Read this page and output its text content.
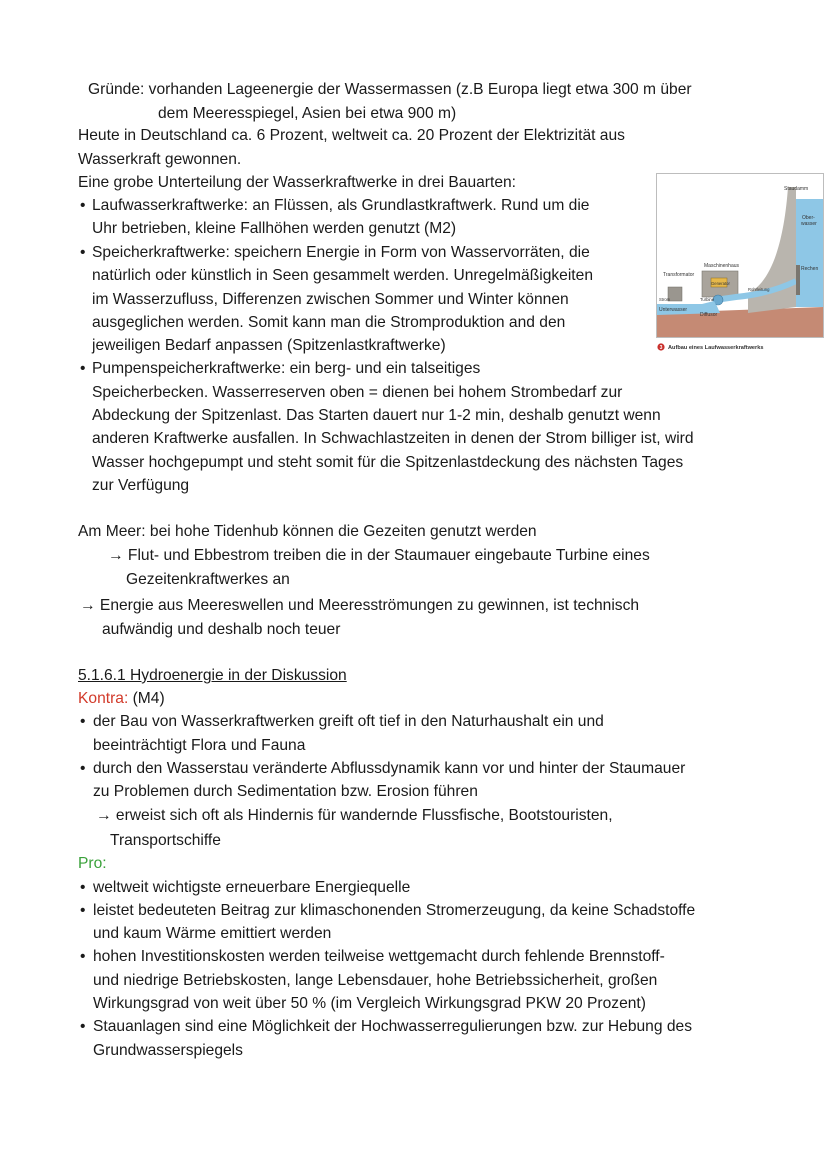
Gründe: vorhanden Lageenergie der Wassermassen (z.B Europa liegt etwa 300 m über
dem Meeresspiegel, Asien bei etwa 900 m)
Heute in Deutschland ca. 6 Prozent, weltweit ca. 20 Prozent der Elektrizität aus
Wasserkraft gewonnen.
Eine grobe Unterteilung der Wasserkraftwerke in drei Bauarten:
• Laufwasserkraftwerke: an Flüssen, als Grundlastkraftwerk. Rund um die
Uhr betrieben, kleine Fallhöhen werden genutzt (M2)
• Speicherkraftwerke: speichern Energie in Form von Wasservorräten, die
natürlich oder künstlich in Seen gesammelt werden. Unregelmäßigkeiten
im Wasserzufluss, Differenzen zwischen Sommer und Winter können
ausgeglichen werden. Somit kann man die Stromproduktion and den
jeweiligen Bedarf anpassen (Spitzenlastkraftwerke)
• Pumpenspeicherkraftwerke: ein berg- und ein talseitiges
Speicherbecken. Wasserreserven oben = dienen bei hohem Strombedarf zur
Abdeckung der Spitzenlast. Das Starten dauert nur 1-2 min, deshalb genutzt wenn
anderen Kraftwerke ausfallen. In Schwachlastzeiten in denen der Strom billiger ist, wird
Wasser hochgepumpt und steht somit für die Spitzenlastdeckung des nächsten Tages
zur Verfügung
Am Meer: bei hohe Tidenhub können die Gezeiten genutzt werden
→ Flut- und Ebbestrom treiben die in der Staumauer eingebaute Turbine eines
Gezeitenkraftwerkes an
→ Energie aus Meereswellen und Meeresströmungen zu gewinnen, ist technisch
aufwändig und deshalb noch teuer
5.1.6.1 Hydroenergie in der Diskussion
Kontra: (M4)
• der Bau von Wasserkraftwerken greift oft tief in den Naturhaushalt ein und
beeinträchtigt Flora und Fauna
• durch den Wasserstau veränderte Abflussdynamik kann vor und hinter der Staumauer
zu Problemen durch Sedimentation bzw. Erosion führen
→ erweist sich oft als Hindernis für wandernde Flussfische, Bootstouristen,
Transportschiffe
Pro:
• weltweit wichtigste erneuerbare Energiequelle
• leistet bedeuteten Beitrag zur klimaschonenden Stromerzeugung, da keine Schadstoffe
und kaum Wärme emittiert werden
• hohen Investitionskosten werden teilweise wettgemacht durch fehlende Brennstoff-
und niedrige Betriebskosten, lange Lebensdauer, hohe Betriebssicherheit, großen
Wirkungsgrad von weit über 50 % (im Vergleich Wirkungsgrad PKW 20 Prozent)
• Stauanlagen sind eine Möglichkeit der Hochwasserregulierungen bzw. zur Hebung des
Grundwasserspiegels
Staudamm
Ober-
wasser
Rechen
Maschinenhaus
Transformator
Generator
Turbine
Rohrleitung
Strom
Unterwasser
Diffusor
3 Aufbau eines Laufwasserkraftwerks
